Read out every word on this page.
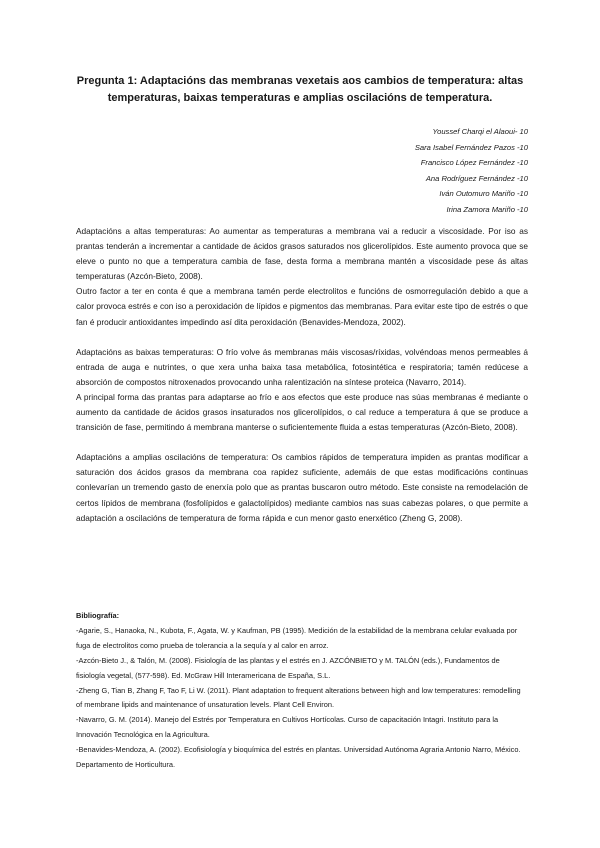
Pregunta 1: Adaptacións das membranas vexetais aos cambios de temperatura: altas temperaturas, baixas temperaturas e amplias oscilacións de temperatura.
Youssef Charqi el Alaoui- 10
Sara Isabel Fernández Pazos -10
Francisco López Fernández -10
Ana Rodríguez Fernández -10
Iván Outomuro Mariño -10
Irina Zamora Mariño -10

Adaptacións a altas temperaturas: Ao aumentar as temperaturas a membrana vai a reducir a viscosidade. Por iso as prantas tenderán a incrementar a cantidade de ácidos grasos saturados nos glicerolípidos. Este aumento provoca que se eleve o punto no que a temperatura cambia de fase, desta forma a membrana mantén a viscosidade pese ás altas temperaturas (Azcón-Bieto, 2008).

Outro factor a ter en conta é que a membrana tamén perde electrolitos e funcións de osmorregulación debido a que a calor provoca estrés e con iso a peroxidación de lípidos e pigmentos das membranas. Para evitar este tipo de estrés o que fan é producir antioxidantes impedindo así dita peroxidación (Benavides-Mendoza, 2002).

Adaptacións as baixas temperaturas: O frío volve ás membranas máis viscosas/ríxidas, volvéndoas menos permeables á entrada de auga e nutrintes, o que xera unha baixa tasa metabólica, fotosintética e respiratoria; tamén redúcese a absorción de compostos nitroxenados provocando unha ralentización na síntese proteica (Navarro, 2014).

A principal forma das prantas para adaptarse ao frío e aos efectos que este produce nas súas membranas é mediante o aumento da cantidade de ácidos grasos insaturados nos glicerolípidos, o cal reduce a temperatura á que se produce a transición de fase, permitindo á membrana manterse o suficientemente fluida a estas temperaturas (Azcón-Bieto, 2008).

Adaptacións a amplias oscilacións de temperatura: Os cambios rápidos de temperatura impiden as prantas modificar a saturación dos ácidos grasos da membrana coa rapidez suficiente, ademáis de que estas modificacións continuas conlevarían un tremendo gasto de enerxía polo que as prantas buscaron outro método. Este consiste na remodelación de certos lípidos de membrana (fosfolípidos e galactolípidos) mediante cambios nas suas cabezas polares, o que permite a adaptación a oscilacións de temperatura de forma rápida e cun menor gasto enerxético (Zheng G, 2008).

Bibliografía:

-Agarie, S., Hanaoka, N., Kubota, F., Agata, W. y Kaufman, PB (1995). Medición de la estabilidad de la membrana celular evaluada por fuga de electrolitos como prueba de tolerancia a la sequía y al calor en arroz.

-Azcón-Bieto J., & Talón, M. (2008). Fisiología de las plantas y el estrés en J. AZCÓNBIETO y M. TALÓN (eds.), Fundamentos de fisiología vegetal, (577-598). Ed. McGraw Hill Interamericana de España, S.L.

-Zheng G, Tian B, Zhang F, Tao F, Li W. (2011). Plant adaptation to frequent alterations between high and low temperatures: remodelling of membrane lipids and maintenance of unsaturation levels. Plant Cell Environ.

-Navarro, G. M. (2014). Manejo del Estrés por Temperatura en Cultivos Hortícolas. Curso de capacitación Intagri. Instituto para la Innovación Tecnológica en la Agricultura.

-Benavides-Mendoza, A. (2002). Ecofisiología y bioquímica del estrés en plantas. Universidad Autónoma Agraria Antonio Narro, México. Departamento de Horticultura.
